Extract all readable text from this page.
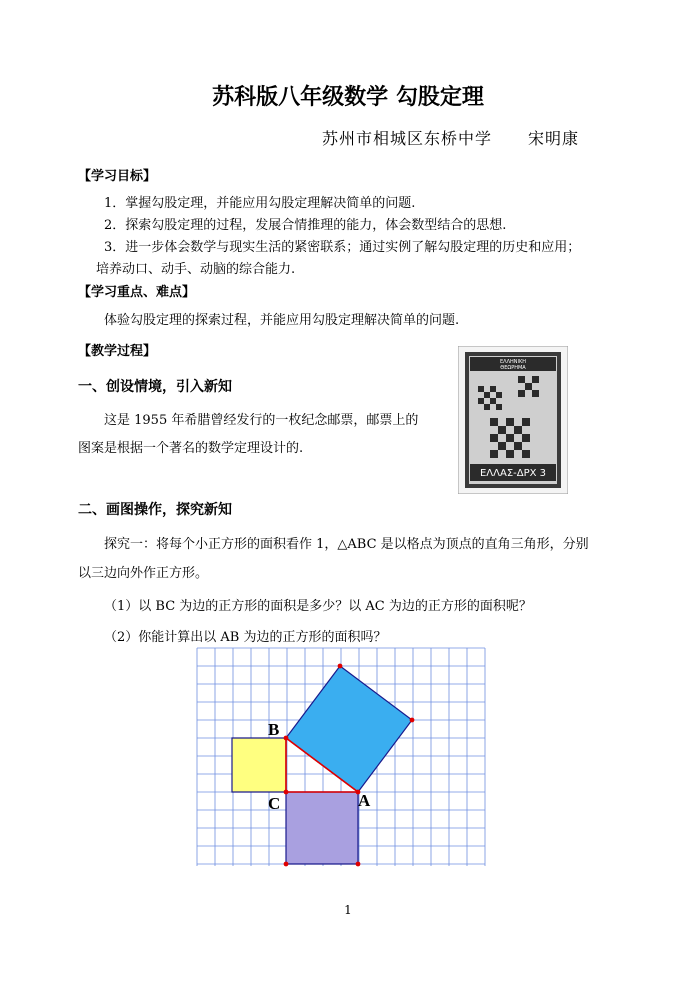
苏科版八年级数学 勾股定理
苏州市相城区东桥中学 宋明康
【学习目标】
1．掌握勾股定理，并能应用勾股定理解决简单的问题.
2．探索勾股定理的过程，发展合情推理的能力，体会数型结合的思想.
3．进一步体会数学与现实生活的紧密联系；通过实例了解勾股定理的历史和应用；
培养动口、动手、动脑的综合能力.
【学习重点、难点】
体验勾股定理的探索过程，并能应用勾股定理解决简单的问题.
【教学过程】
一、创设情境，引入新知
这是 1955 年希腊曾经发行的一枚纪念邮票，邮票上的
图案是根据一个著名的数学定理设计的.
ΕΛΛΗΝΙΚΗ
ΘΕΩΡΗΜΑ
ΕΛΛΑΣ-ΔΡΧ 3
二、画图操作，探究新知
探究一：将每个小正方形的面积看作 1，△ABC 是以格点为顶点的直角三角形，分别
以三边向外作正方形。
（1）以 BC 为边的正方形的面积是多少？以 AC 为边的正方形的面积呢？
（2）你能计算出以 AB 为边的正方形的面积吗？
B
C	A
1
